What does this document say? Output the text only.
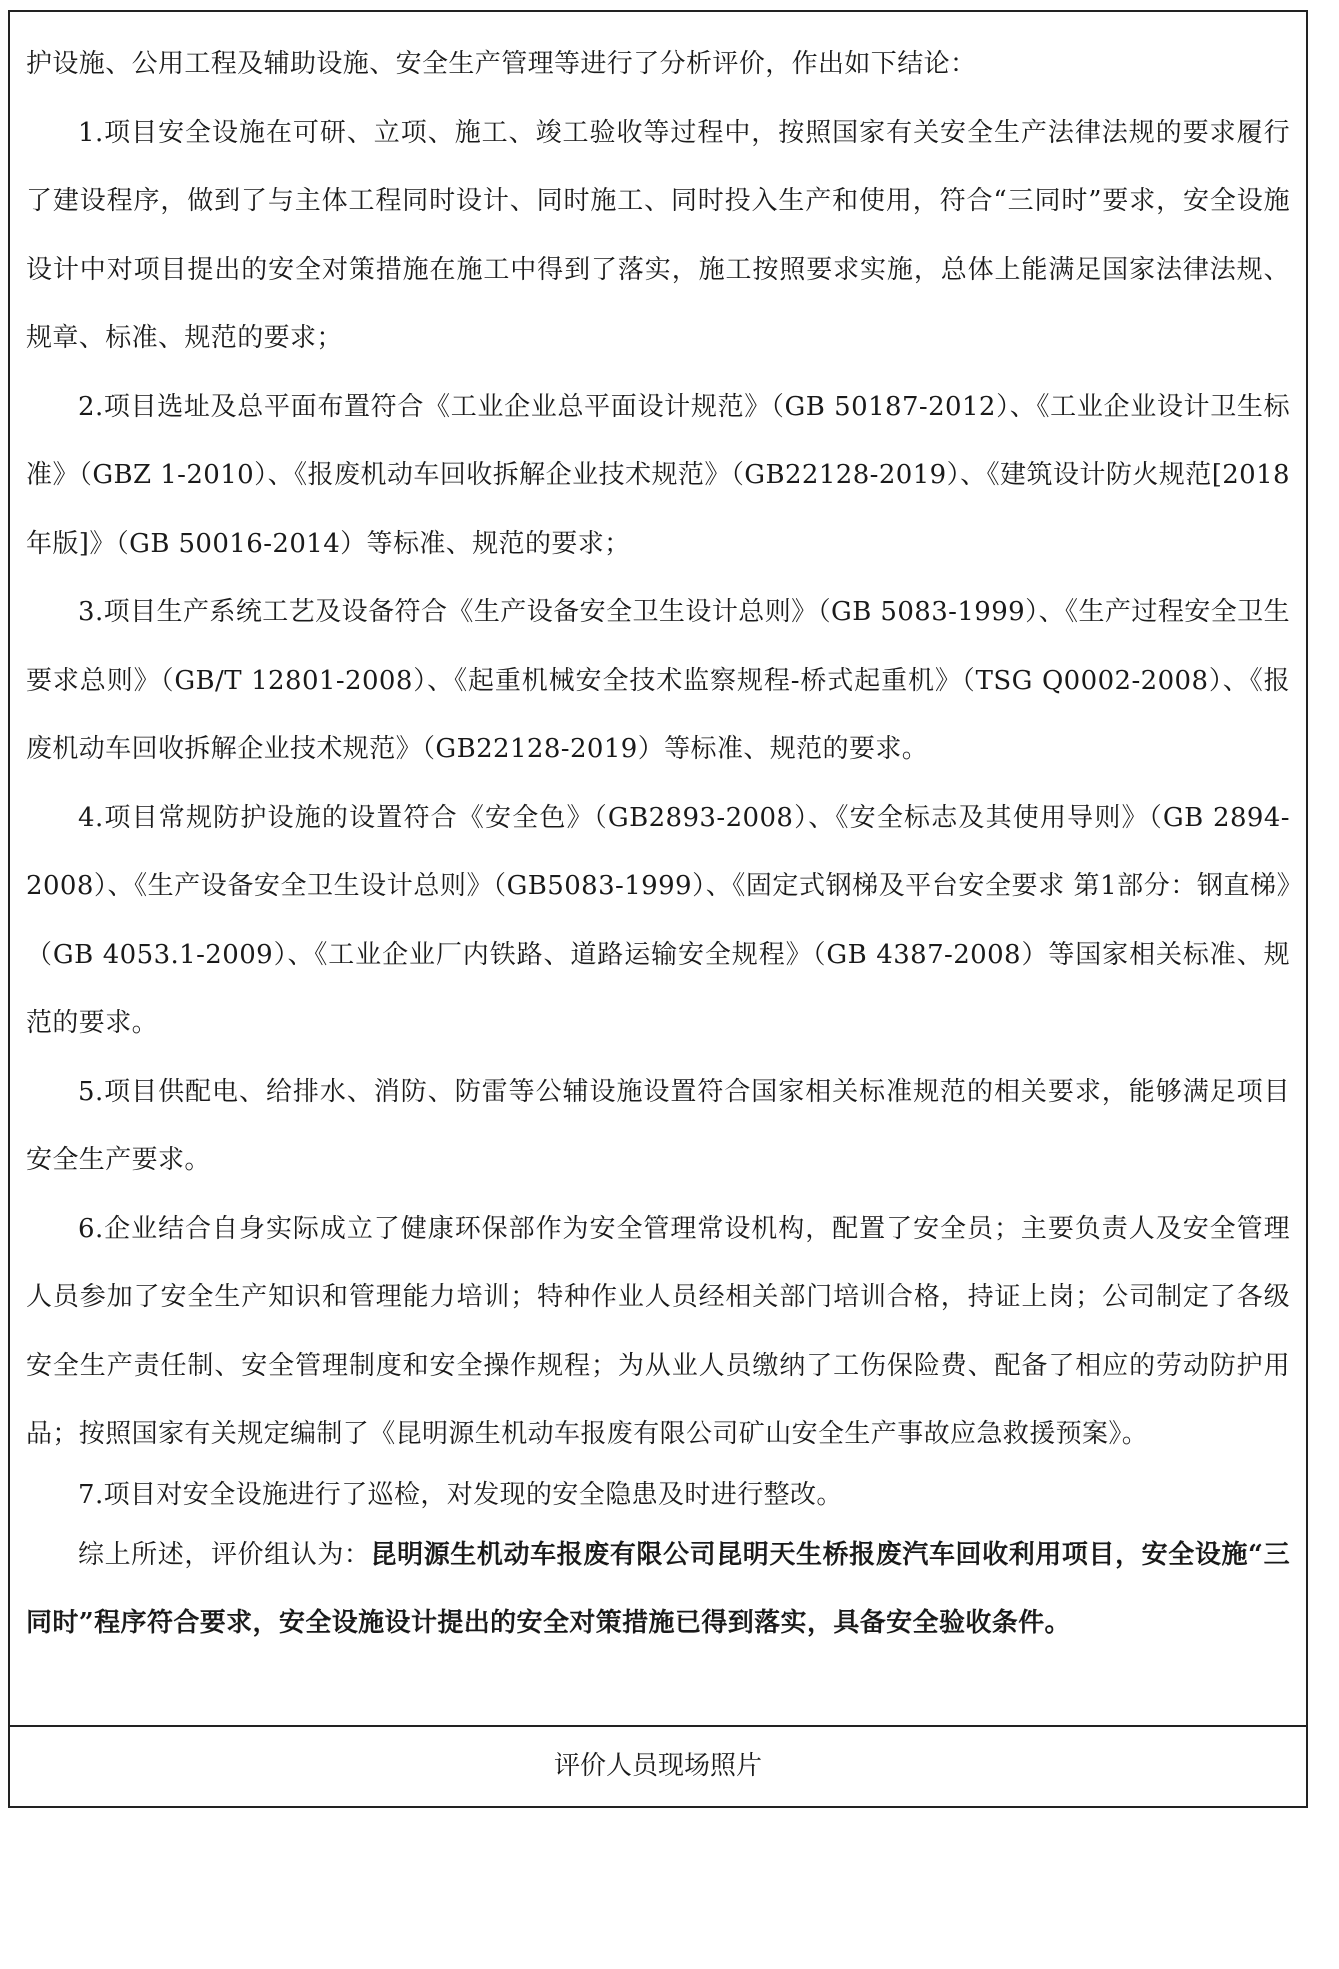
护设施、公用工程及辅助设施、安全生产管理等进行了分析评价，作出如下结论：

1.项目安全设施在可研、立项、施工、竣工验收等过程中，按照国家有关安全生产法律法规的要求履行了建设程序，做到了与主体工程同时设计、同时施工、同时投入生产和使用，符合“三同时”要求，安全设施设计中对项目提出的安全对策措施在施工中得到了落实，施工按照要求实施，总体上能满足国家法律法规、规章、标准、规范的要求；

2.项目选址及总平面布置符合《工业企业总平面设计规范》（GB 50187-2012）、《工业企业设计卫生标准》（GBZ 1-2010）、《报废机动车回收拆解企业技术规范》（GB22128-2019）、《建筑设计防火规范[2018年版]》（GB 50016-2014）等标准、规范的要求；

3.项目生产系统工艺及设备符合《生产设备安全卫生设计总则》（GB 5083-1999）、《生产过程安全卫生要求总则》（GB/T 12801-2008）、《起重机械安全技术监察规程-桥式起重机》（TSG Q0002-2008）、《报废机动车回收拆解企业技术规范》（GB22128-2019）等标准、规范的要求。

4.项目常规防护设施的设置符合《安全色》（GB2893-2008）、《安全标志及其使用导则》（GB 2894-2008）、《生产设备安全卫生设计总则》（GB5083-1999）、《固定式钢梯及平台安全要求 第1部分：钢直梯》（GB 4053.1-2009）、《工业企业厂内铁路、道路运输安全规程》（GB 4387-2008）等国家相关标准、规范的要求。

5.项目供配电、给排水、消防、防雷等公辅设施设置符合国家相关标准规范的相关要求，能够满足项目安全生产要求。

6.企业结合自身实际成立了健康环保部作为安全管理常设机构，配置了安全员；主要负责人及安全管理人员参加了安全生产知识和管理能力培训；特种作业人员经相关部门培训合格，持证上岗；公司制定了各级安全生产责任制、安全管理制度和安全操作规程；为从业人员缴纳了工伤保险费、配备了相应的劳动防护用品；按照国家有关规定编制了《昆明源生机动车报废有限公司矿山安全生产事故应急救援预案》。

7.项目对安全设施进行了巡检，对发现的安全隐患及时进行整改。

综上所述，评价组认为：昆明源生机动车报废有限公司昆明天生桥报废汽车回收利用项目，安全设施“三同时”程序符合要求，安全设施设计提出的安全对策措施已得到落实，具备安全验收条件。

评价人员现场照片
